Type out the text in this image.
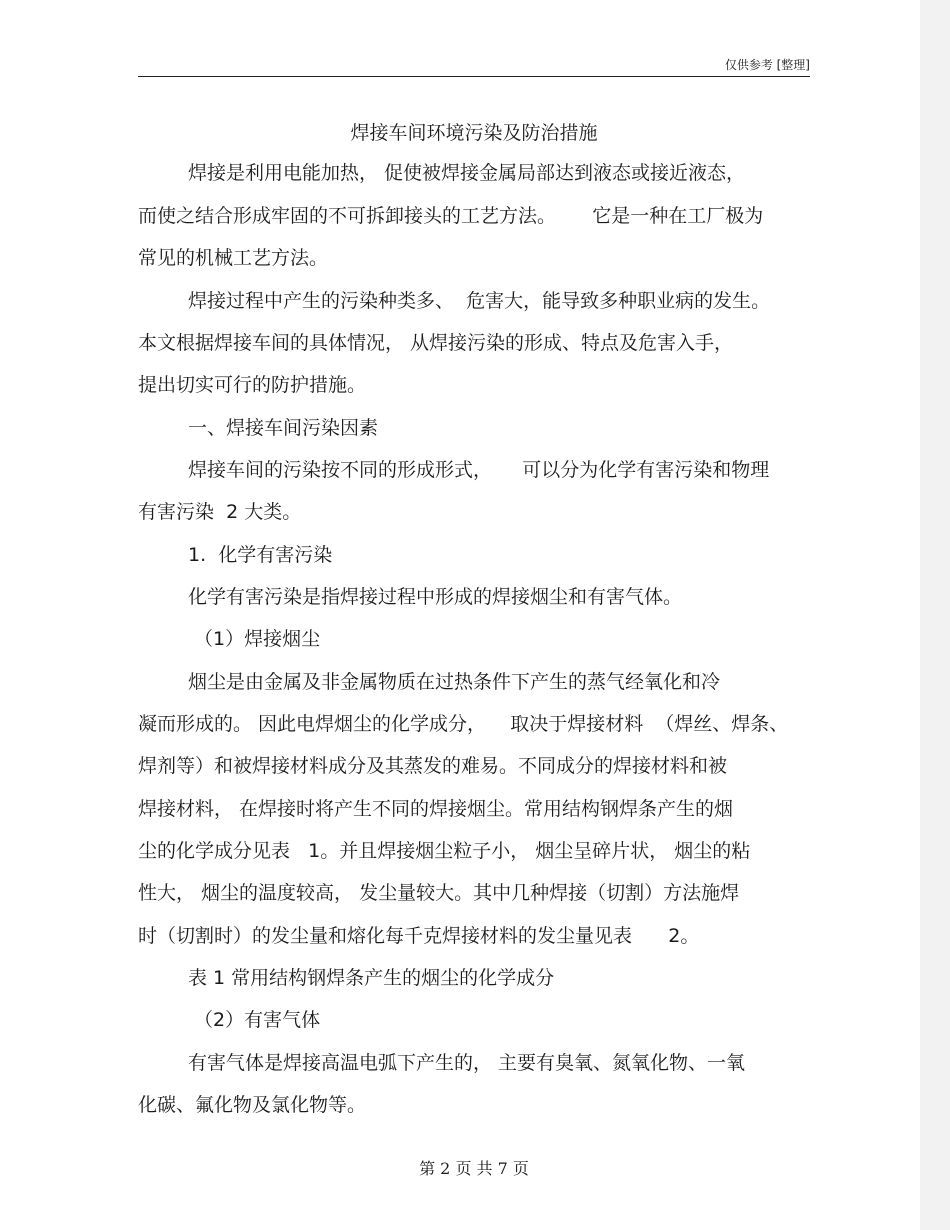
仅供参考 [整理]
焊接车间环境污染及防治措施
焊接是利用电能加热， 促使被焊接金属局部达到液态或接近液态，
而使之结合形成牢固的不可拆卸接头的工艺方法。      它是一种在工厂极为
常见的机械工艺方法。
焊接过程中产生的污染种类多、  危害大，能导致多种职业病的发生。
本文根据焊接车间的具体情况， 从焊接污染的形成、特点及危害入手，
提出切实可行的防护措施。
一、焊接车间污染因素
焊接车间的污染按不同的形成形式，     可以分为化学有害污染和物理
有害污染  2 大类。
1.  化学有害污染
化学有害污染是指焊接过程中形成的焊接烟尘和有害气体。
（1）焊接烟尘
烟尘是由金属及非金属物质在过热条件下产生的蒸气经氧化和冷
凝而形成的。 因此电焊烟尘的化学成分，    取决于焊接材料  （焊丝、焊条、
焊剂等）和被焊接材料成分及其蒸发的难易。不同成分的焊接材料和被
焊接材料， 在焊接时将产生不同的焊接烟尘。常用结构钢焊条产生的烟
尘的化学成分见表   1。并且焊接烟尘粒子小， 烟尘呈碎片状， 烟尘的粘
性大， 烟尘的温度较高， 发尘量较大。其中几种焊接（切割）方法施焊
时（切割时）的发尘量和熔化每千克焊接材料的发尘量见表      2。
表 1 常用结构钢焊条产生的烟尘的化学成分
（2）有害气体
有害气体是焊接高温电弧下产生的， 主要有臭氧、氮氧化物、一氧
化碳、氟化物及氯化物等。
第 2 页 共 7 页
